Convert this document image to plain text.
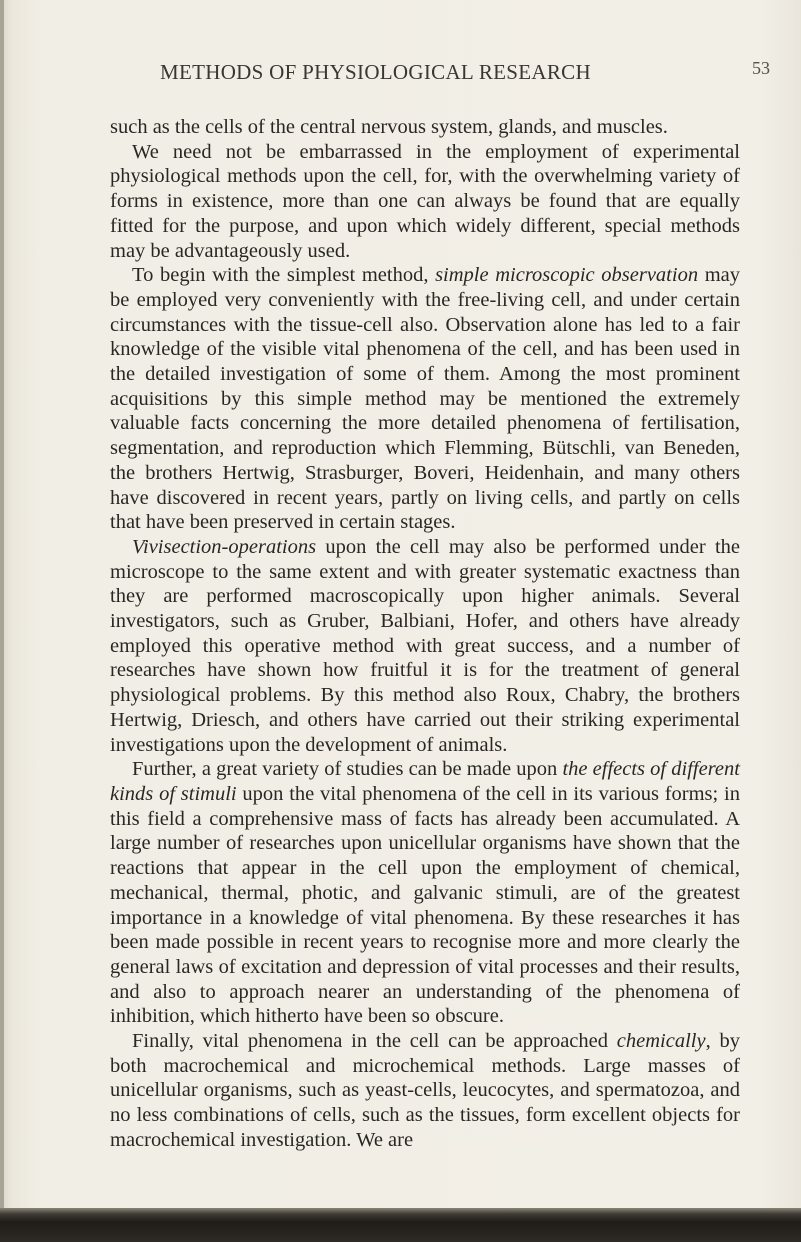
METHODS OF PHYSIOLOGICAL RESEARCH	53

such as the cells of the central nervous system, glands, and muscles.

We need not be embarrassed in the employment of experimental physiological methods upon the cell, for, with the overwhelming variety of forms in existence, more than one can always be found that are equally fitted for the purpose, and upon which widely different, special methods may be advantageously used.

To begin with the simplest method, simple microscopic observation may be employed very conveniently with the free-living cell, and under certain circumstances with the tissue-cell also. Observation alone has led to a fair knowledge of the visible vital phenomena of the cell, and has been used in the detailed investigation of some of them. Among the most prominent acquisitions by this simple method may be mentioned the extremely valuable facts concerning the more detailed phenomena of fertilisation, segmentation, and reproduction which Flemming, Bütschli, van Beneden, the brothers Hertwig, Strasburger, Boveri, Heidenhain, and many others have discovered in recent years, partly on living cells, and partly on cells that have been preserved in certain stages.

Vivisection-operations upon the cell may also be performed under the microscope to the same extent and with greater systematic exactness than they are performed macroscopically upon higher animals. Several investigators, such as Gruber, Balbiani, Hofer, and others have already employed this operative method with great success, and a number of researches have shown how fruitful it is for the treatment of general physiological problems. By this method also Roux, Chabry, the brothers Hertwig, Driesch, and others have carried out their striking experimental investigations upon the development of animals.

Further, a great variety of studies can be made upon the effects of different kinds of stimuli upon the vital phenomena of the cell in its various forms; in this field a comprehensive mass of facts has already been accumulated. A large number of researches upon unicellular organisms have shown that the reactions that appear in the cell upon the employment of chemical, mechanical, thermal, photic, and galvanic stimuli, are of the greatest importance in a knowledge of vital phenomena. By these researches it has been made possible in recent years to recognise more and more clearly the general laws of excitation and depression of vital processes and their results, and also to approach nearer an understanding of the phenomena of inhibition, which hitherto have been so obscure.

Finally, vital phenomena in the cell can be approached chemically, by both macrochemical and microchemical methods. Large masses of unicellular organisms, such as yeast-cells, leucocytes, and spermatozoa, and no less combinations of cells, such as the tissues, form excellent objects for macrochemical investigation. We are
